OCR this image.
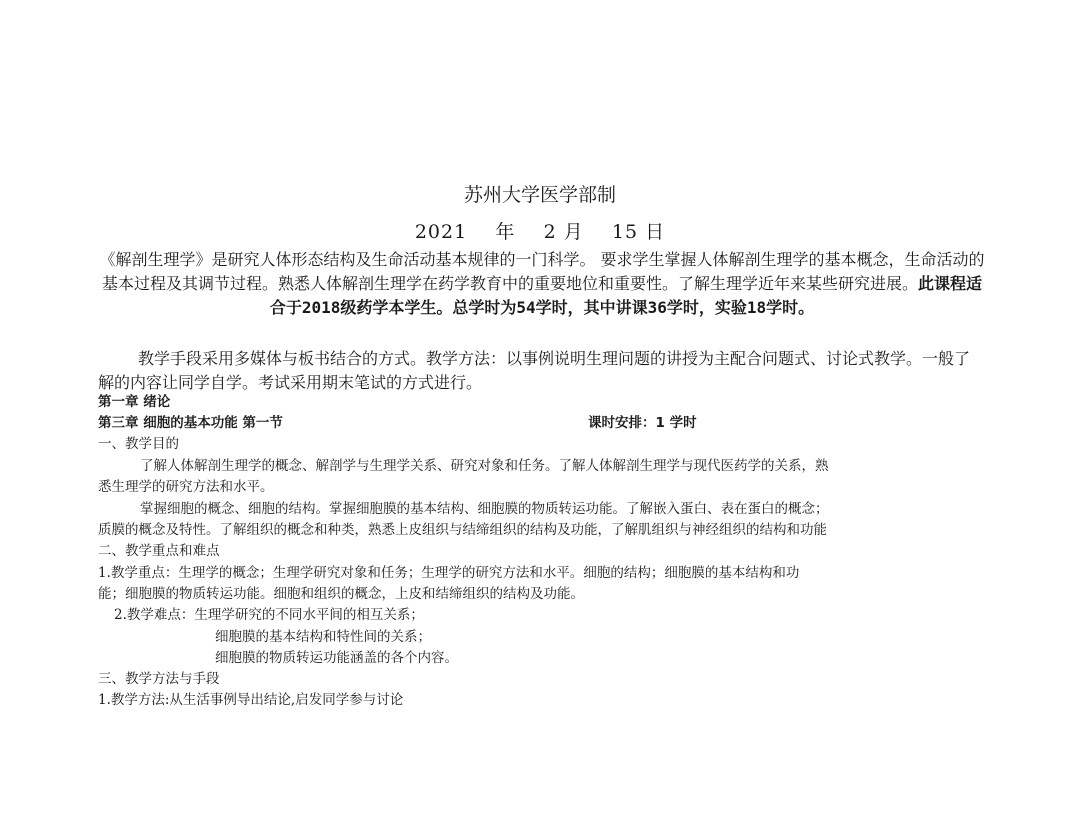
苏州大学医学部制
2021 年 2 月 15 日
《解剖生理学》是研究人体形态结构及生命活动基本规律的一门科学。 要求学生掌握人体解剖生理学的基本概念，生命活动的基本过程及其调节过程。熟悉人体解剖生理学在药学教育中的重要地位和重要性。了解生理学近年来某些研究进展。此课程适合于2018级药学本学生。总学时为54学时，其中讲课36学时，实验18学时。
教学手段采用多媒体与板书结合的方式。教学方法：以事例说明生理问题的讲授为主配合问题式、讨论式教学。一般了解的内容让同学自学。考试采用期末笔试的方式进行。
第一章 绪论
第三章 细胞的基本功能 第一节	课时安排：1 学时
一、教学目的
了解人体解剖生理学的概念、解剖学与生理学关系、研究对象和任务。了解人体解剖生理学与现代医药学的关系，熟
悉生理学的研究方法和水平。
掌握细胞的概念、细胞的结构。掌握细胞膜的基本结构、细胞膜的物质转运功能。了解嵌入蛋白、表在蛋白的概念；
质膜的概念及特性。了解组织的概念和种类，熟悉上皮组织与结缔组织的结构及功能，了解肌组织与神经组织的结构和功能
二、教学重点和难点
1.教学重点：生理学的概念；生理学研究对象和任务；生理学的研究方法和水平。细胞的结构；细胞膜的基本结构和功
能；细胞膜的物质转运功能。细胞和组织的概念，上皮和结缔组织的结构及功能。
2.教学难点：生理学研究的不同水平间的相互关系；
细胞膜的基本结构和特性间的关系；
细胞膜的物质转运功能涵盖的各个内容。
三、教学方法与手段
1.教学方法:从生活事例导出结论,启发同学参与讨论
